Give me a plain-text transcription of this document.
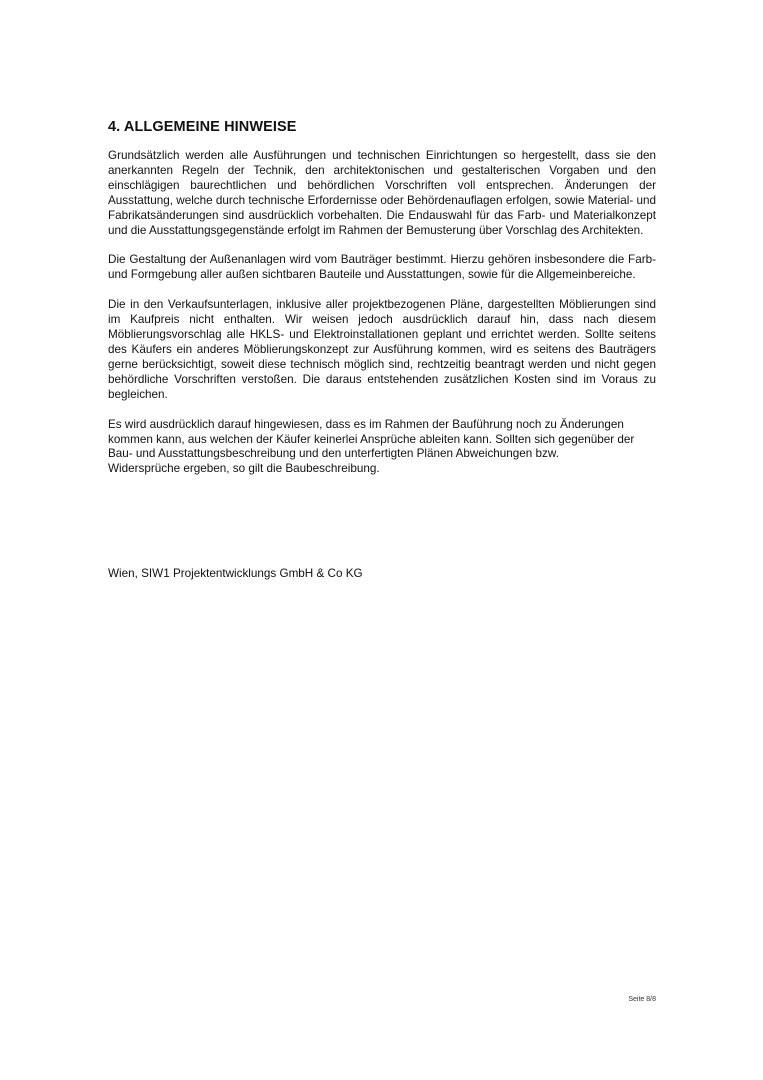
4. ALLGEMEINE HINWEISE

Grundsätzlich werden alle Ausführungen und technischen Einrichtungen so hergestellt, dass sie den anerkannten Regeln der Technik, den architektonischen und gestalterischen Vorgaben und den einschlägigen baurechtlichen und behördlichen Vorschriften voll entsprechen. Änderungen der Ausstattung, welche durch technische Erfordernisse oder Behördenauflagen erfolgen, sowie Material- und Fabrikatsänderungen sind ausdrücklich vorbehalten. Die Endauswahl für das Farb- und Materialkonzept und die Ausstattungsgegenstände erfolgt im Rahmen der Bemusterung über Vorschlag des Architekten.

Die Gestaltung der Außenanlagen wird vom Bauträger bestimmt. Hierzu gehören insbesondere die Farb- und Formgebung aller außen sichtbaren Bauteile und Ausstattungen, sowie für die Allgemeinbereiche.

Die in den Verkaufsunterlagen, inklusive aller projektbezogenen Pläne, dargestellten Möblierungen sind im Kaufpreis nicht enthalten. Wir weisen jedoch ausdrücklich darauf hin, dass nach diesem Möblierungsvorschlag alle HKLS- und Elektroinstallationen geplant und errichtet werden. Sollte seitens des Käufers ein anderes Möblierungskonzept zur Ausführung kommen, wird es seitens des Bauträgers gerne berücksichtigt, soweit diese technisch möglich sind, rechtzeitig beantragt werden und nicht gegen behördliche Vorschriften verstoßen. Die daraus entstehenden zusätzlichen Kosten sind im Voraus zu begleichen.

Es wird ausdrücklich darauf hingewiesen, dass es im Rahmen der Bauführung noch zu Änderungen
kommen kann, aus welchen der Käufer keinerlei Ansprüche ableiten kann. Sollten sich gegenüber der
Bau- und Ausstattungsbeschreibung und den unterfertigten Plänen Abweichungen bzw.
Widersprüche ergeben, so gilt die Baubeschreibung.

Wien, SIW1 Projektentwicklungs GmbH & Co KG

Seite 8/8
